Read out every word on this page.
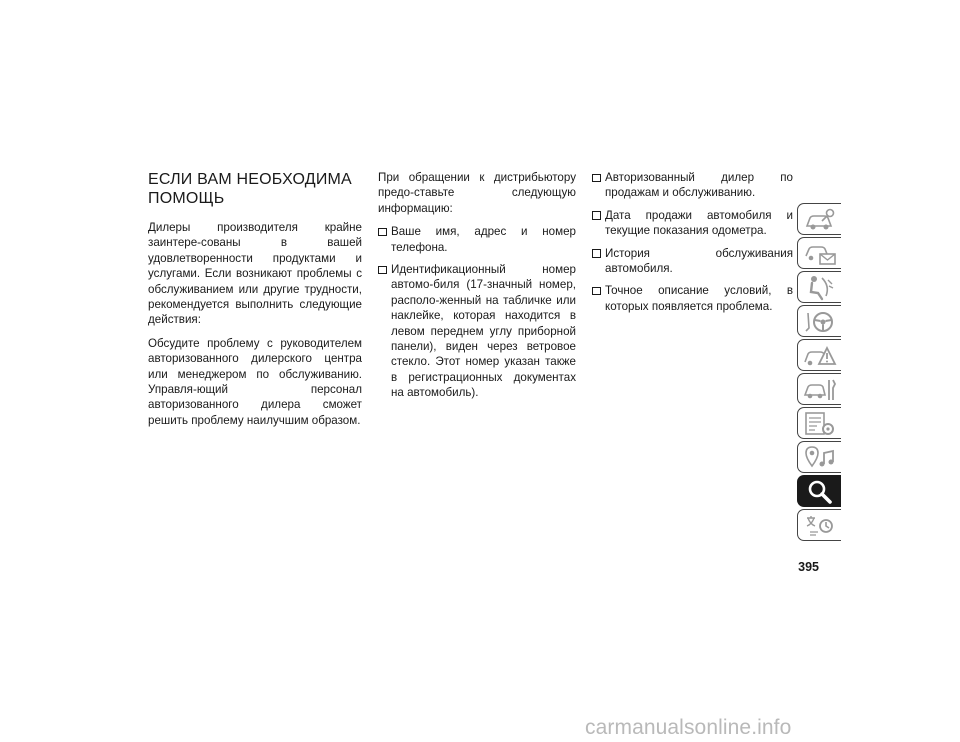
ЕСЛИ ВАМ НЕОБХОДИМА
ПОМОЩЬ

Дилеры производителя крайне заинтере-сованы в вашей удовлетворенности продуктами и услугами. Если возникают проблемы с обслуживанием или другие трудности, рекомендуется выполнить следующие действия:

Обсудите проблему с руководителем авторизованного дилерского центра или менеджером по обслуживанию. Управля-ющий персонал авторизованного дилера сможет решить проблему наилучшим образом.

При обращении к дистрибьютору предо-ставьте следующую информацию:

Ваше имя, адрес и номер телефона.
Идентификационный номер автомо-биля (17-значный номер, располо-женный на табличке или наклейке, которая находится в левом переднем углу приборной панели), виден через ветровое стекло. Этот номер указан также в регистрационных документах на автомобиль).
Авторизованный дилер по продажам и обслуживанию.
Дата продажи автомобиля и текущие показания одометра.
История обслуживания автомобиля.
Точное описание условий, в которых появляется проблема.
395
carmanualsonline.info
